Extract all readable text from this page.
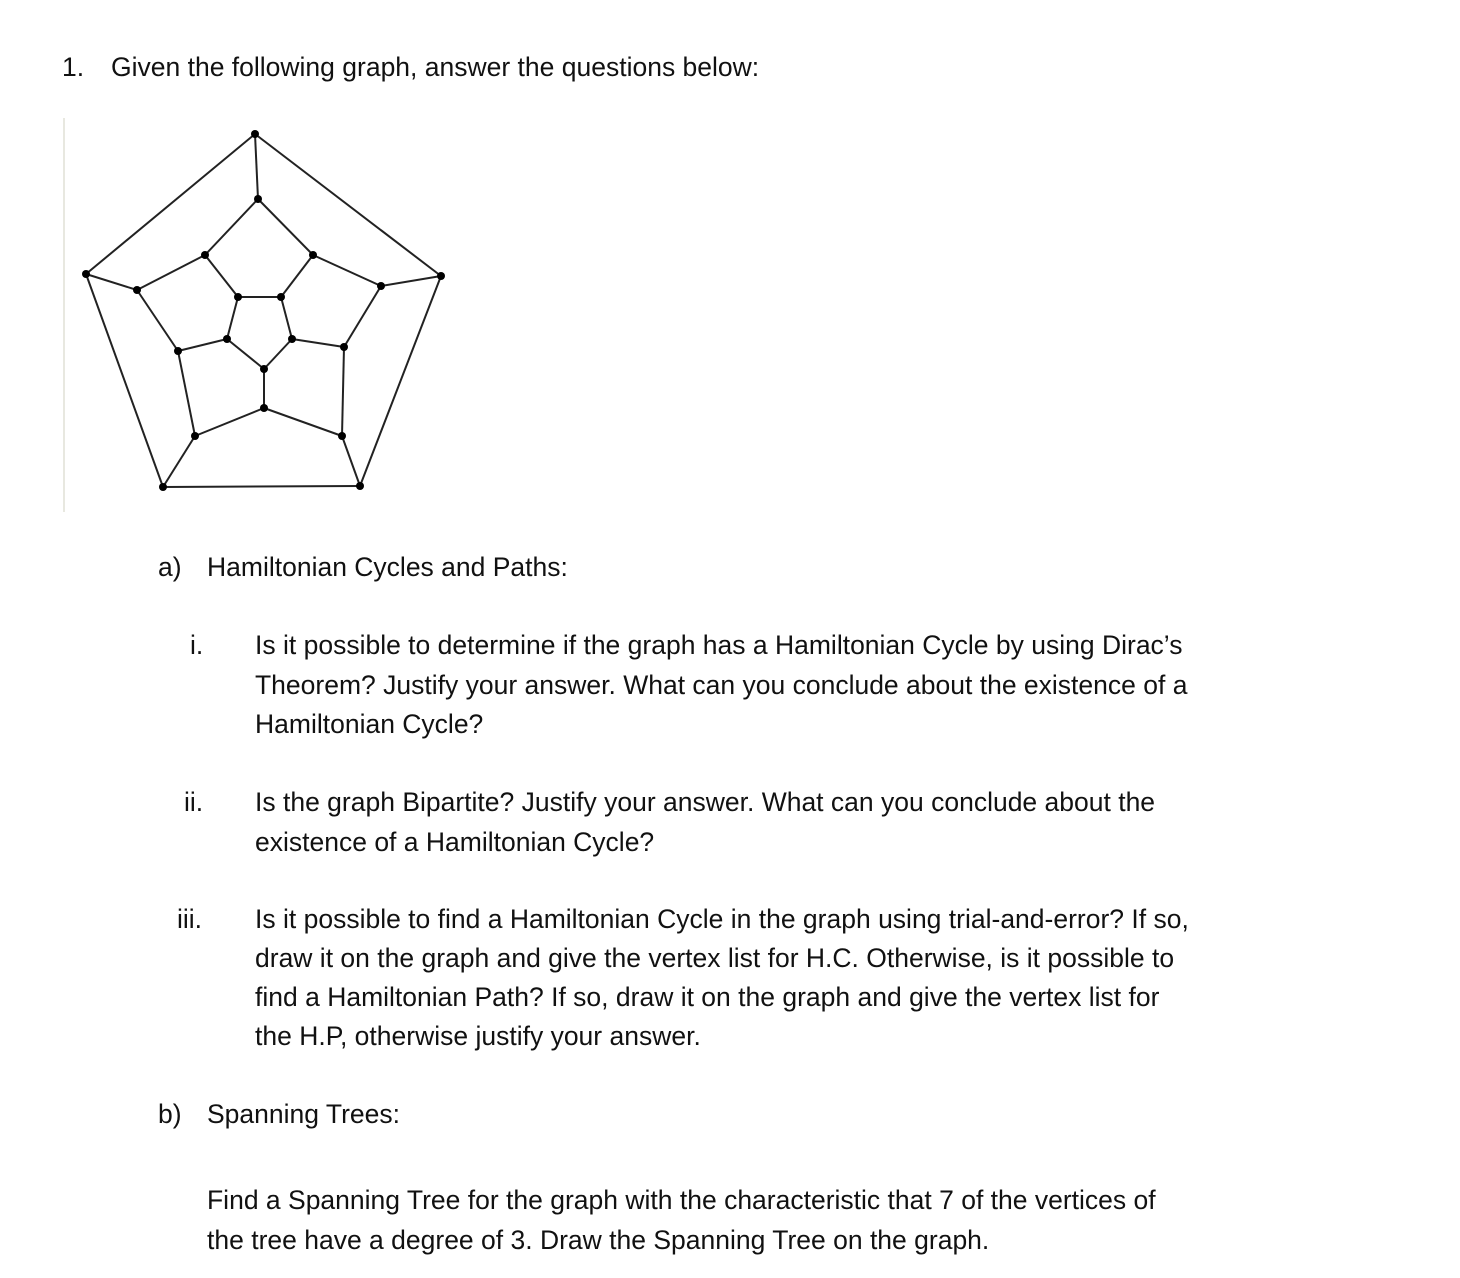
1. Given the following graph, answer the questions below:
a) Hamiltonian Cycles and Paths:
i. Is it possible to determine if the graph has a Hamiltonian Cycle by using Dirac’s
Theorem? Justify your answer. What can you conclude about the existence of a
Hamiltonian Cycle?
ii. Is the graph Bipartite? Justify your answer. What can you conclude about the
existence of a Hamiltonian Cycle?
iii. Is it possible to find a Hamiltonian Cycle in the graph using trial-and-error? If so,
draw it on the graph and give the vertex list for H.C. Otherwise, is it possible to
find a Hamiltonian Path? If so, draw it on the graph and give the vertex list for
the H.P, otherwise justify your answer.
b) Spanning Trees:
Find a Spanning Tree for the graph with the characteristic that 7 of the vertices of
the tree have a degree of 3. Draw the Spanning Tree on the graph.
